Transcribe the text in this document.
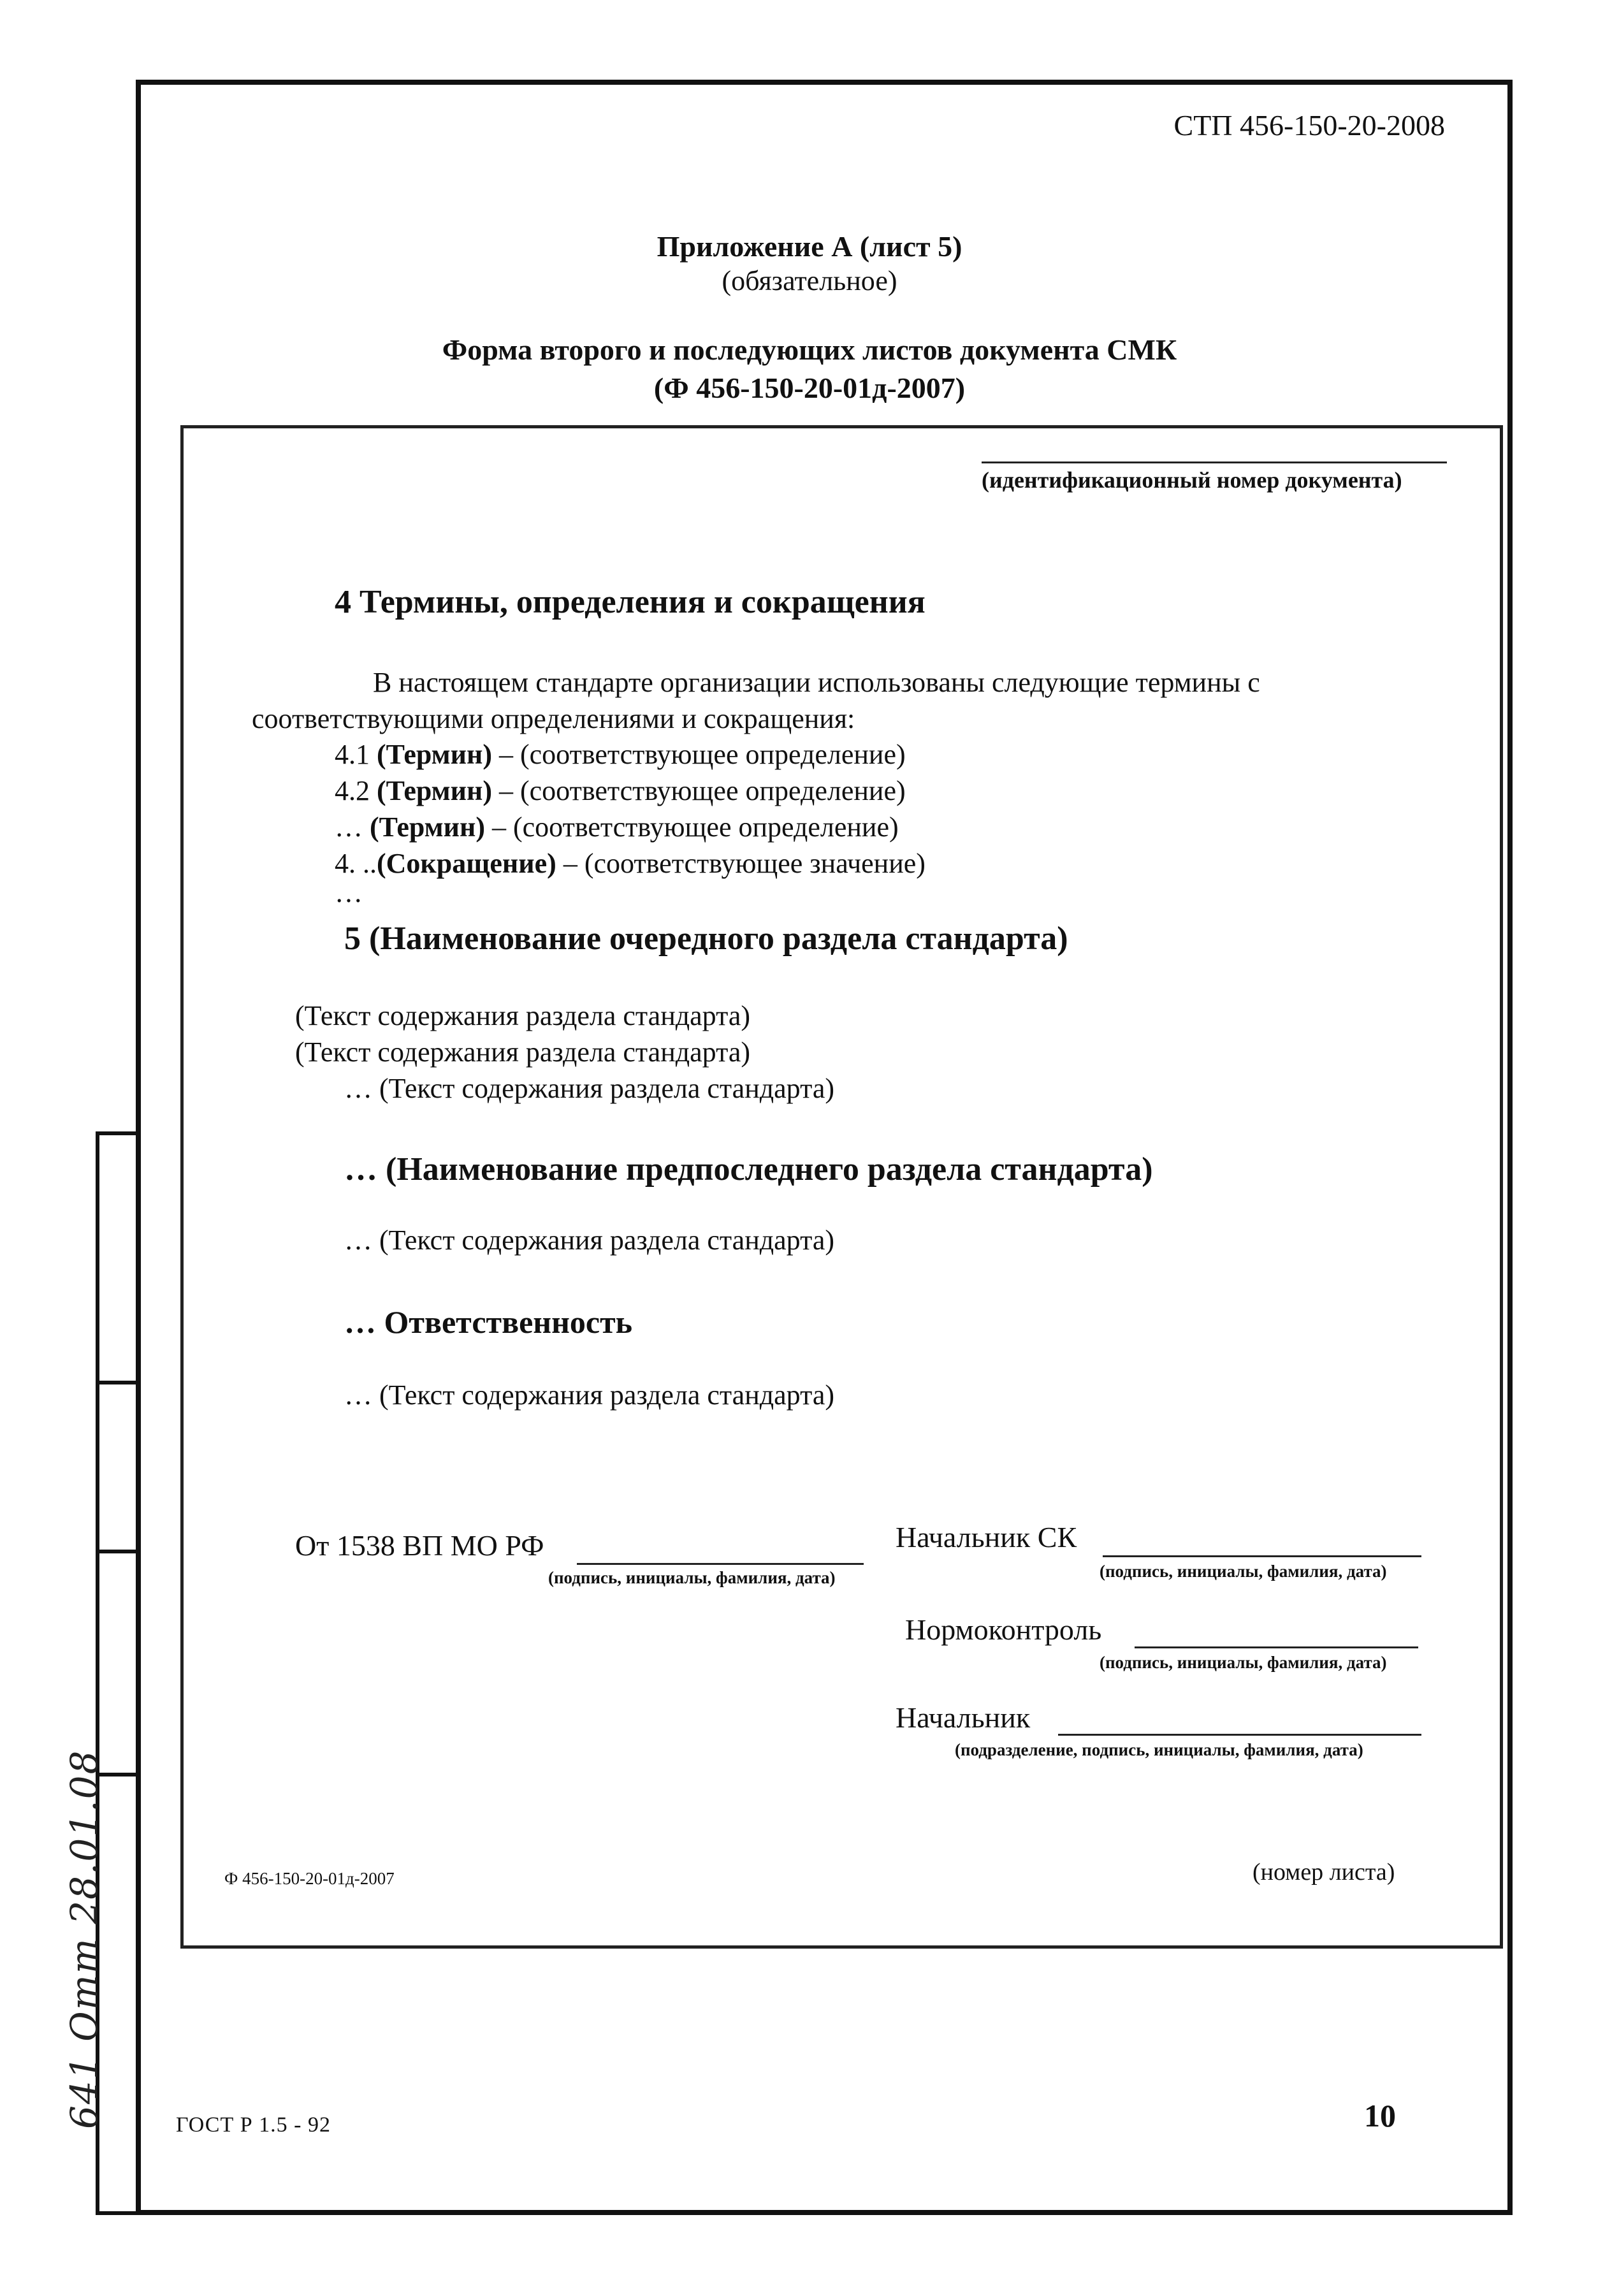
641 Отт 28.01.08
СТП 456-150-20-2008
Приложение А (лист 5)
(обязательное)
Форма второго и последующих листов документа СМК
(Ф 456-150-20-01д-2007)
(идентификационный номер документа)
4 Термины, определения и сокращения
В настоящем стандарте организации использованы следующие термины с
соответствующими определениями и сокращения:
4.1 (Термин) – (соответствующее определение)
4.2 (Термин) – (соответствующее определение)
… (Термин) – (соответствующее определение)
4. ..(Сокращение) – (соответствующее значение)
…
5 (Наименование очередного раздела стандарта)
(Текст содержания раздела стандарта)
(Текст содержания раздела стандарта)
… (Текст содержания раздела стандарта)
… (Наименование предпоследнего раздела стандарта)
… (Текст содержания раздела стандарта)
… Ответственность
… (Текст содержания раздела стандарта)
От 1538 ВП МО РФ
(подпись, инициалы, фамилия, дата)
Начальник СК
(подпись, инициалы, фамилия, дата)
Нормоконтроль
(подпись, инициалы, фамилия, дата)
Начальник
(подразделение, подпись, инициалы, фамилия, дата)
Ф 456-150-20-01д-2007	(номер листа)
ГОСТ Р 1.5 - 92	10
